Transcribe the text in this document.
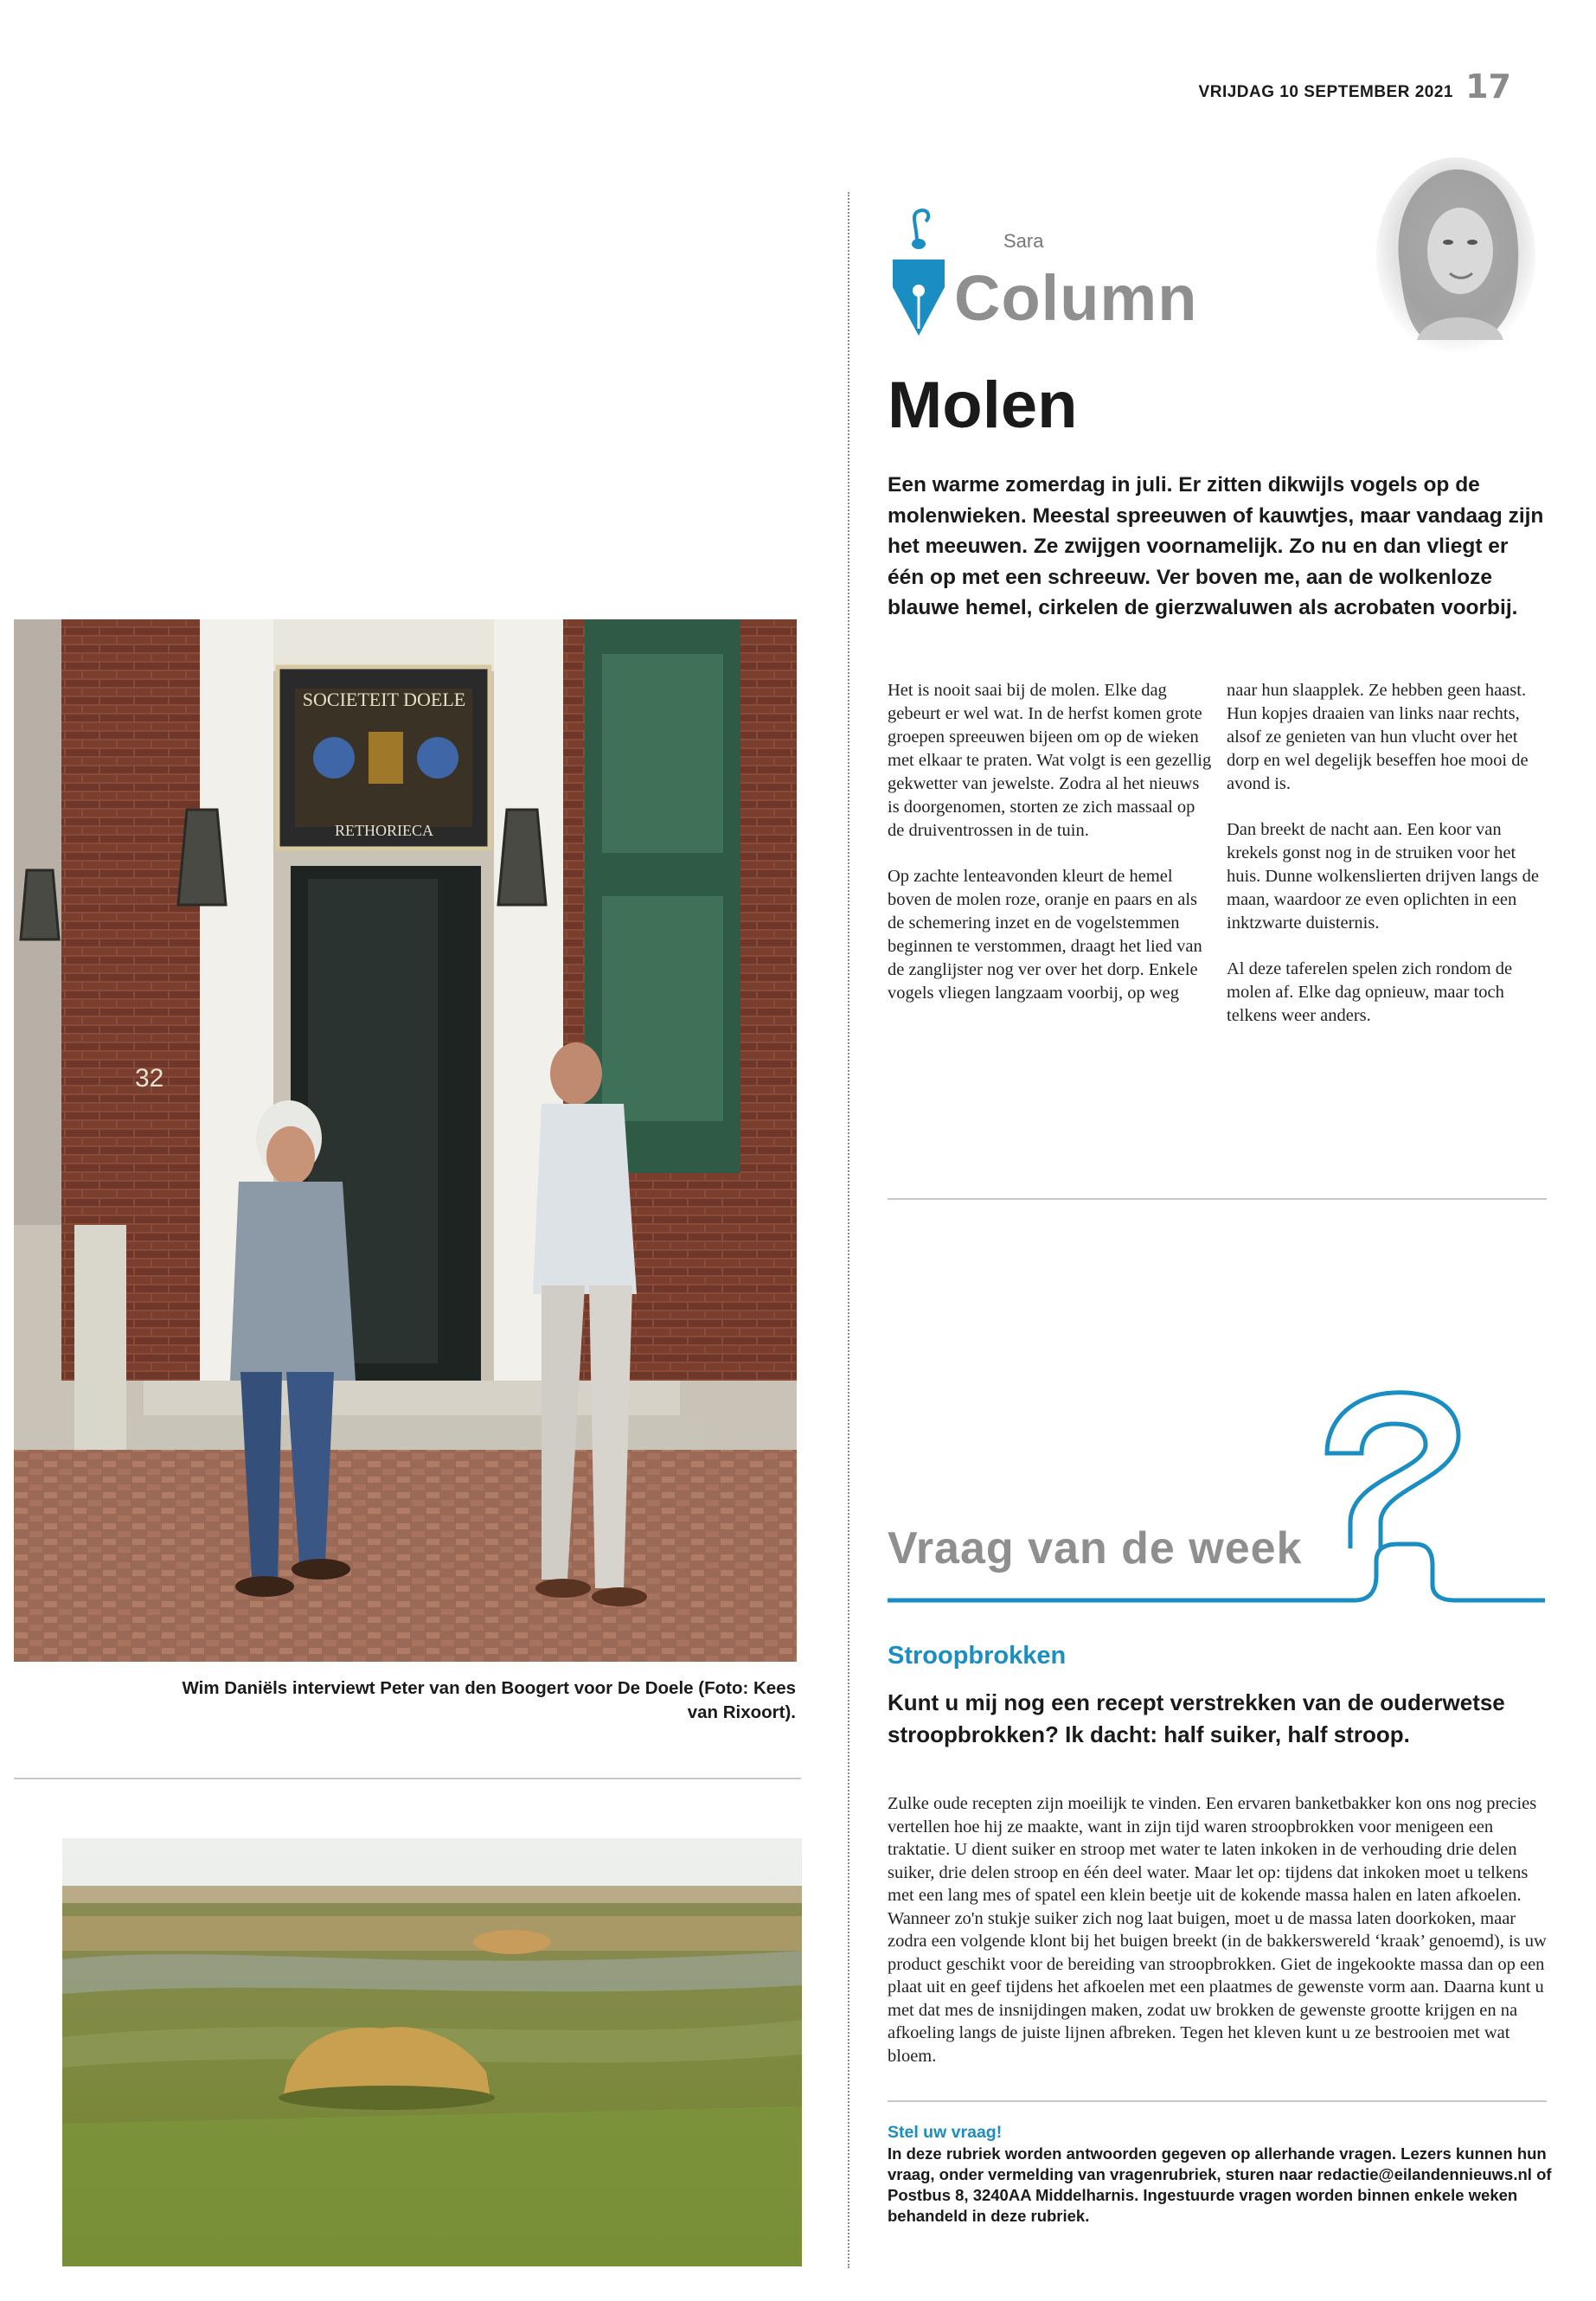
VRIJDAG 10 SEPTEMBER 2021 17
Sara
Column
Molen
Een warme zomerdag in juli. Er zitten dikwijls vogels op de molenwieken. Meestal spreeuwen of kauwtjes, maar vandaag zijn het meeuwen. Ze zwijgen voornamelijk. Zo nu en dan vliegt er één op met een schreeuw. Ver boven me, aan de wolkenloze blauwe hemel, cirkelen de gierzwaluwen als acrobaten voorbij.

Het is nooit saai bij de molen. Elke dag gebeurt er wel wat. In de herfst komen grote groepen spreeuwen bijeen om op de wieken met elkaar te praten. Wat volgt is een gezellig gekwetter van jewelste. Zodra al het nieuws is doorgenomen, storten ze zich massaal op de druiventrossen in de tuin.

Op zachte lenteavonden kleurt de hemel boven de molen roze, oranje en paars en als de schemering inzet en de vogelstemmen beginnen te verstommen, draagt het lied van de zanglijster nog ver over het dorp. Enkele vogels vliegen langzaam voorbij, op weg

naar hun slaapplek. Ze hebben geen haast. Hun kopjes draaien van links naar rechts, alsof ze genieten van hun vlucht over het dorp en wel degelijk beseffen hoe mooi de avond is.

Dan breekt de nacht aan. Een koor van krekels gonst nog in de struiken voor het huis. Dunne wolkenslierten drijven langs de maan, waardoor ze even oplichten in een inktzwarte duisternis.

Al deze taferelen spelen zich rondom de molen af. Elke dag opnieuw, maar toch telkens weer anders.

Vraag van de week
Stroopbrokken
Kunt u mij nog een recept verstrekken van de ouderwetse stroopbrokken? Ik dacht: half suiker, half stroop.
Zulke oude recepten zijn moeilijk te vinden. Een ervaren banketbakker kon ons nog precies vertellen hoe hij ze maakte, want in zijn tijd waren stroopbrokken voor menigeen een traktatie. U dient suiker en stroop met water te laten inkoken in de verhouding drie delen suiker, drie delen stroop en één deel water. Maar let op: tijdens dat inkoken moet u telkens met een lang mes of spatel een klein beetje uit de kokende massa halen en laten afkoelen. Wanneer zo'n stukje suiker zich nog laat buigen, moet u de massa laten doorkoken, maar zodra een volgende klont bij het buigen breekt (in de bakkerswereld ‘kraak’ genoemd), is uw product geschikt voor de bereiding van stroopbrokken. Giet de ingekookte massa dan op een plaat uit en geef tijdens het afkoelen met een plaatmes de gewenste vorm aan. Daarna kunt u met dat mes de insnijdingen maken, zodat uw brokken de gewenste grootte krijgen en na afkoeling langs de juiste lijnen afbreken. Tegen het kleven kunt u ze bestrooien met wat bloem.
Stel uw vraag!
In deze rubriek worden antwoorden gegeven op allerhande vragen. Lezers kunnen hun vraag, onder vermelding van vragenrubriek, sturen naar redactie@eilandennieuws.nl of Postbus 8, 3240AA Middelharnis. Ingestuurde vragen worden binnen enkele weken behandeld in deze rubriek.
SOCIETEIT DOELE
RETHORIECA
32
Wim Daniëls interviewt Peter van den Boogert voor De Doele (Foto: Kees van Rixoort).
